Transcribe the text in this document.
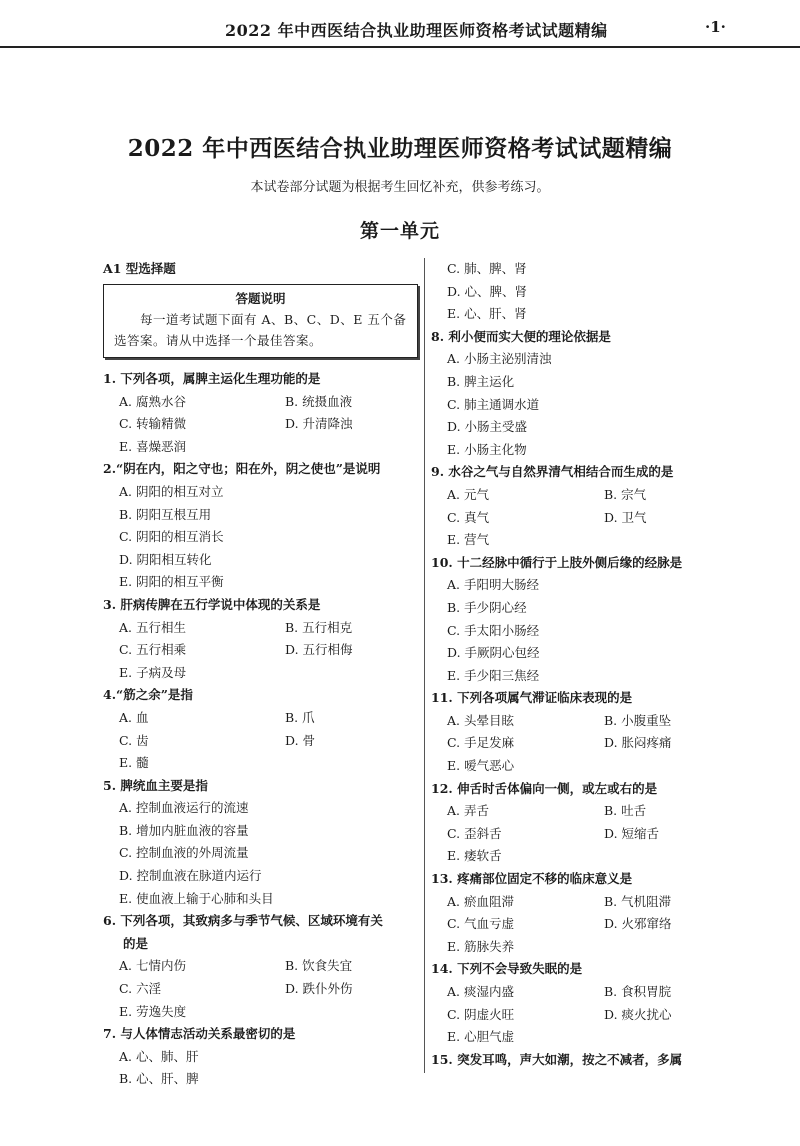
2022 年中西医结合执业助理医师资格考试试题精编	·1·
2022 年中西医结合执业助理医师资格考试试题精编
本试卷部分试题为根据考生回忆补充，供参考练习。
第一单元
A1 型选择题
答题说明
每一道考试题下面有 A、B、C、D、E 五个备选答案。请从中选择一个最佳答案。
1. 下列各项，属脾主运化生理功能的是
A. 腐熟水谷	B. 统摄血液
C. 转输精微	D. 升清降浊
E. 喜燥恶润
2.“阴在内，阳之守也；阳在外，阴之使也”是说明
A. 阴阳的相互对立
B. 阴阳互根互用
C. 阴阳的相互消长
D. 阴阳相互转化
E. 阴阳的相互平衡
3. 肝病传脾在五行学说中体现的关系是
A. 五行相生	B. 五行相克
C. 五行相乘	D. 五行相侮
E. 子病及母
4.“筋之余”是指
A. 血	B. 爪
C. 齿	D. 骨
E. 髓
5. 脾统血主要是指
A. 控制血液运行的流速
B. 增加内脏血液的容量
C. 控制血液的外周流量
D. 控制血液在脉道内运行
E. 使血液上输于心肺和头目
6. 下列各项，其致病多与季节气候、区域环境有关
的是
A. 七情内伤	B. 饮食失宜
C. 六淫	D. 跌仆外伤
E. 劳逸失度
7. 与人体情志活动关系最密切的是
A. 心、肺、肝
B. 心、肝、脾
C. 肺、脾、肾
D. 心、脾、肾
E. 心、肝、肾
8. 利小便而实大便的理论依据是
A. 小肠主泌别清浊
B. 脾主运化
C. 肺主通调水道
D. 小肠主受盛
E. 小肠主化物
9. 水谷之气与自然界清气相结合而生成的是
A. 元气	B. 宗气
C. 真气	D. 卫气
E. 营气
10. 十二经脉中循行于上肢外侧后缘的经脉是
A. 手阳明大肠经
B. 手少阴心经
C. 手太阳小肠经
D. 手厥阴心包经
E. 手少阳三焦经
11. 下列各项属气滞证临床表现的是
A. 头晕目眩	B. 小腹重坠
C. 手足发麻	D. 胀闷疼痛
E. 嗳气恶心
12. 伸舌时舌体偏向一侧，或左或右的是
A. 弄舌	B. 吐舌
C. 歪斜舌	D. 短缩舌
E. 痿软舌
13. 疼痛部位固定不移的临床意义是
A. 瘀血阻滞	B. 气机阻滞
C. 气血亏虚	D. 火邪窜络
E. 筋脉失养
14. 下列不会导致失眠的是
A. 痰湿内盛	B. 食积胃脘
C. 阴虚火旺	D. 痰火扰心
E. 心胆气虚
15. 突发耳鸣，声大如潮，按之不减者，多属
